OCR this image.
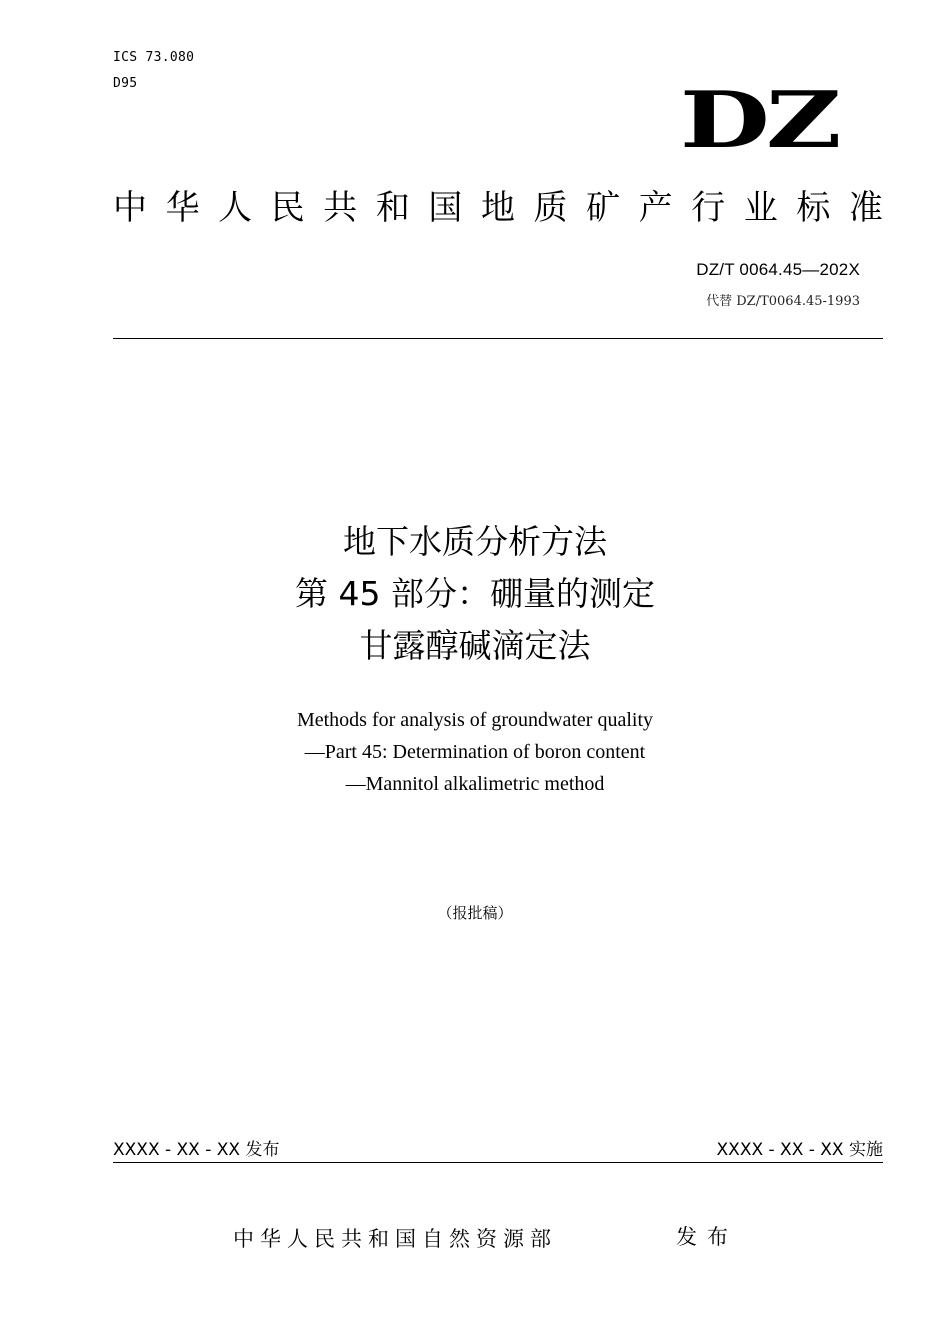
ICS 73.080
D95	DZ
中 华 人 民 共 和 国 地 质 矿 产 行 业 标 准
DZ/T 0064.45—202X
代替 DZ/T0064.45-1993
地下水质分析方法
第 45 部分：硼量的测定
甘露醇碱滴定法
Methods for analysis of groundwater quality
—Part 45: Determination of boron content
—Mannitol alkalimetric method
（报批稿）
XXXX - XX - XX 发布	XXXX - XX - XX 实施
中华人民共和国自然资源部	发布
